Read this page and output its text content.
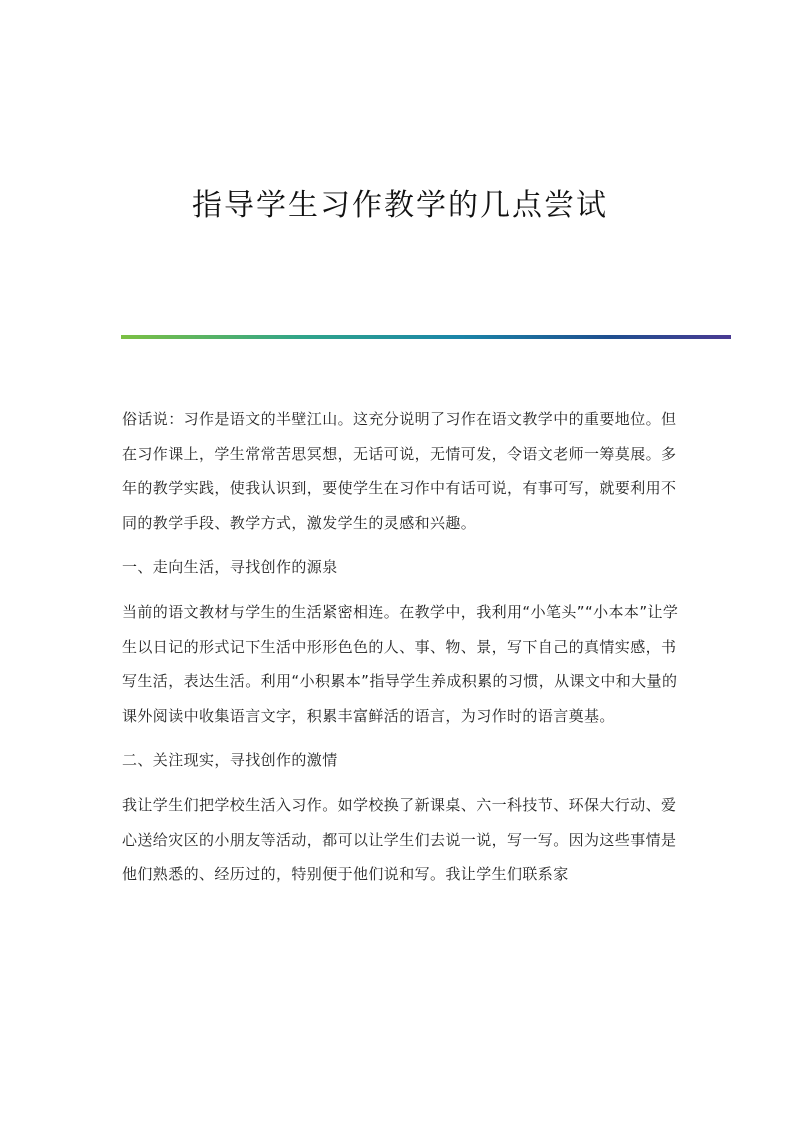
指导学生习作教学的几点尝试

俗话说：习作是语文的半壁江山。这充分说明了习作在语文教学中的重要地位。但在习作课上，学生常常苦思冥想，无话可说，无情可发，令语文老师一筹莫展。多年的教学实践，使我认识到，要使学生在习作中有话可说，有事可写，就要利用不同的教学手段、教学方式，激发学生的灵感和兴趣。

一、走向生活，寻找创作的源泉

当前的语文教材与学生的生活紧密相连。在教学中，我利用“小笔头”“小本本”让学生以日记的形式记下生活中形形色色的人、事、物、景，写下自己的真情实感，书写生活，表达生活。利用“小积累本”指导学生养成积累的习惯，从课文中和大量的课外阅读中收集语言文字，积累丰富鲜活的语言，为习作时的语言奠基。

二、关注现实，寻找创作的激情

我让学生们把学校生活入习作。如学校换了新课桌、六一科技节、环保大行动、爱心送给灾区的小朋友等活动，都可以让学生们去说一说，写一写。因为这些事情是他们熟悉的、经历过的，特别便于他们说和写。我让学生们联系家
